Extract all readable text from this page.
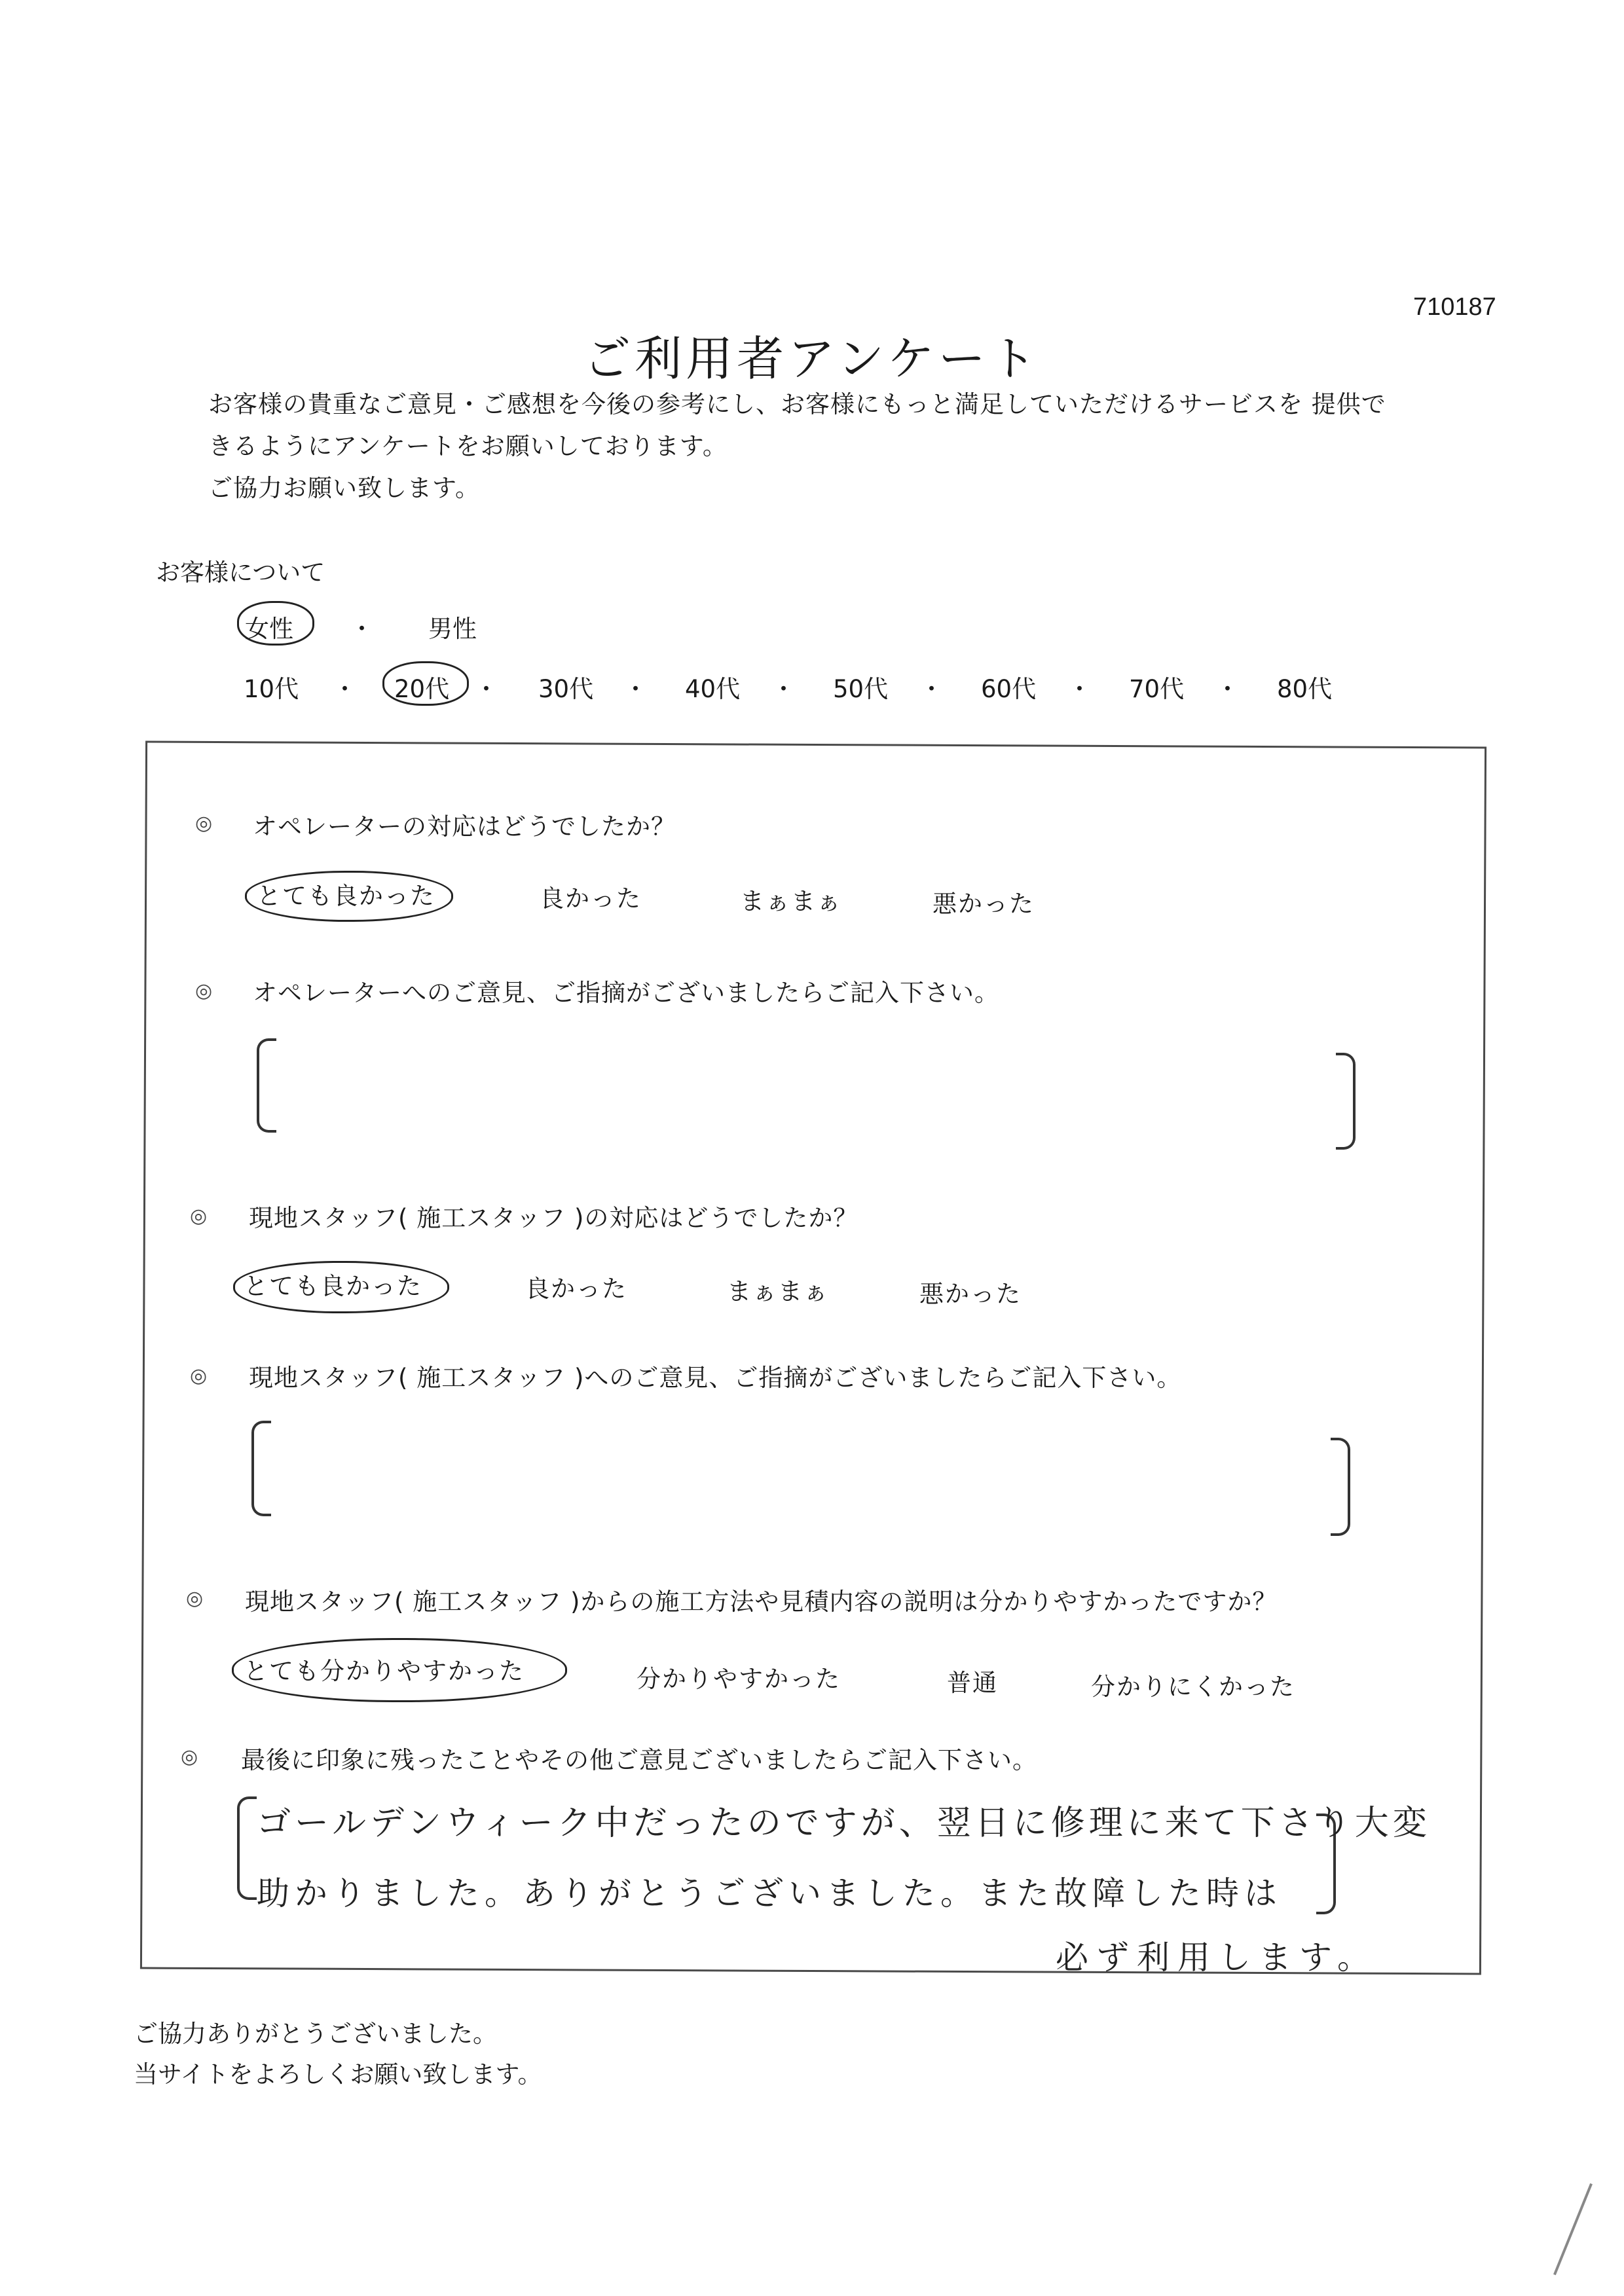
710187
ご利用者アンケート
お客様の貴重なご意見・ご感想を今後の参考にし、お客様にもっと満足していただけるサービスを 提供で
きるようにアンケートをお願いしております。
ご協力お願い致します。
お客様について
女性 ・ 男性
10代 ・ 20代 ・ 30代 ・ 40代 ・ 50代 ・ 60代 ・ 70代 ・ 80代
◎ オペレーターの対応はどうでしたか？
とても良かった	良かった	まぁまぁ	悪かった
◎ オペレーターへのご意見、ご指摘がございましたらご記入下さい。
◎ 現地スタッフ( 施工スタッフ )の対応はどうでしたか？
とても良かった	良かった	まぁまぁ	悪かった
◎ 現地スタッフ( 施工スタッフ )へのご意見、ご指摘がございましたらご記入下さい。
◎ 現地スタッフ( 施工スタッフ )からの施工方法や見積内容の説明は分かりやすかったですか？
とても分かりやすかった	分かりやすかった	普通	分かりにくかった
◎ 最後に印象に残ったことやその他ご意見ございましたらご記入下さい。
ゴールデンウィーク中だったのですが、翌日に修理に来て下さり大変
助かりました。ありがとうございました。また故障した時は
必ず利用します。
ご協力ありがとうございました。
当サイトをよろしくお願い致します。
